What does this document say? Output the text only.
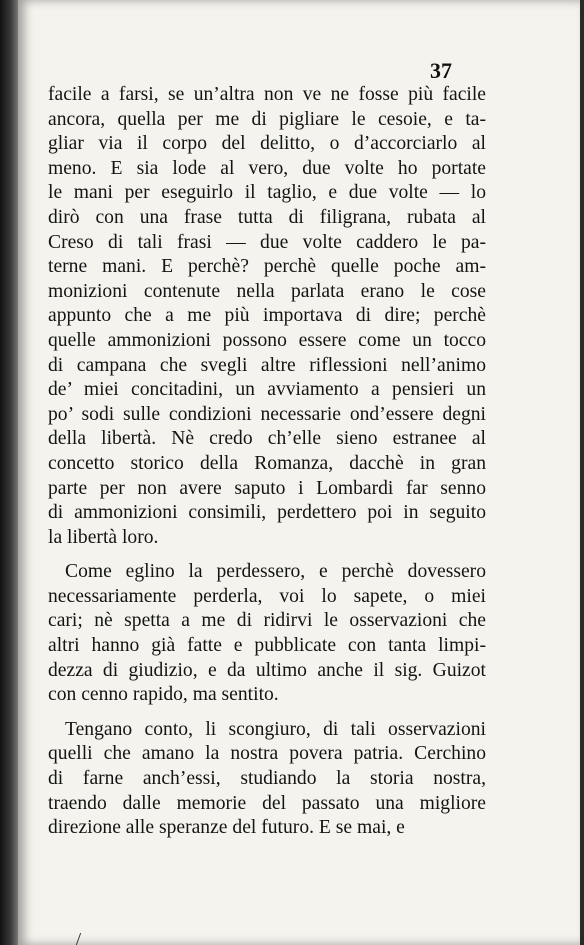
37
facile a farsi, se un’altra non ve ne fosse più facile
ancora, quella per me di pigliare le cesoie, e ta-
gliar via il corpo del delitto, o d’accorciarlo al
meno. E sia lode al vero, due volte ho portate
le mani per eseguirlo il taglio, e due volte — lo
dirò con una frase tutta di filigrana, rubata al
Creso di tali frasi — due volte caddero le pa-
terne mani. E perchè? perchè quelle poche am-
monizioni contenute nella parlata erano le cose
appunto che a me più importava di dire; perchè
quelle ammonizioni possono essere come un tocco
di campana che svegli altre riflessioni nell’animo
de’ miei concitadini, un avviamento a pensieri un
po’ sodi sulle condizioni necessarie ond’essere degni
della libertà. Nè credo ch’elle sieno estranee al
concetto storico della Romanza, dacchè in gran
parte per non avere saputo i Lombardi far senno
di ammonizioni consimili, perdettero poi in seguito
la libertà loro.
Come eglino la perdessero, e perchè dovessero
necessariamente perderla, voi lo sapete, o miei
cari; nè spetta a me di ridirvi le osservazioni che
altri hanno già fatte e pubblicate con tanta limpi-
dezza di giudizio, e da ultimo anche il sig. Guizot
con cenno rapido, ma sentito.
Tengano conto, li scongiuro, di tali osservazioni
quelli che amano la nostra povera patria. Cerchino
di farne anch’essi, studiando la storia nostra,
traendo dalle memorie del passato una migliore
direzione alle speranze del futuro. E se mai, e
